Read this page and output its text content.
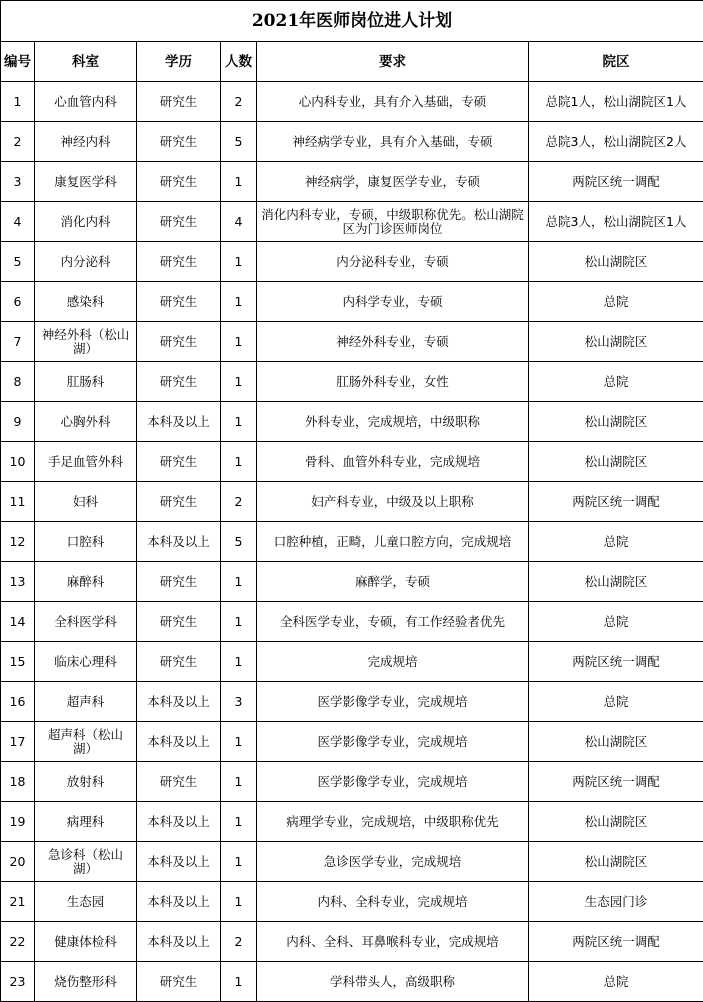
2021年医师岗位进人计划					
编号	科室	学历	人数	要求	院区
1	心血管内科	研究生	2	心内科专业，具有介入基础，专硕	总院1人，松山湖院区1人
2	神经内科	研究生	5	神经病学专业，具有介入基础，专硕	总院3人，松山湖院区2人
3	康复医学科	研究生	1	神经病学，康复医学专业，专硕	两院区统一调配
4	消化内科	研究生	4	消化内科专业，专硕，中级职称优先。松山湖院区为门诊医师岗位	总院3人，松山湖院区1人
5	内分泌科	研究生	1	内分泌科专业，专硕	松山湖院区
6	感染科	研究生	1	内科学专业，专硕	总院
7	神经外科（松山湖）	研究生	1	神经外科专业，专硕	松山湖院区
8	肛肠科	研究生	1	肛肠外科专业，女性	总院
9	心胸外科	本科及以上	1	外科专业，完成规培，中级职称	松山湖院区
10	手足血管外科	研究生	1	骨科、血管外科专业，完成规培	松山湖院区
11	妇科	研究生	2	妇产科专业，中级及以上职称	两院区统一调配
12	口腔科	本科及以上	5	口腔种植，正畸，儿童口腔方向，完成规培	总院
13	麻醉科	研究生	1	麻醉学，专硕	松山湖院区
14	全科医学科	研究生	1	全科医学专业，专硕，有工作经验者优先	总院
15	临床心理科	研究生	1	完成规培	两院区统一调配
16	超声科	本科及以上	3	医学影像学专业，完成规培	总院
17	超声科（松山湖）	本科及以上	1	医学影像学专业，完成规培	松山湖院区
18	放射科	研究生	1	医学影像学专业，完成规培	两院区统一调配
19	病理科	本科及以上	1	病理学专业，完成规培，中级职称优先	松山湖院区
20	急诊科（松山湖）	本科及以上	1	急诊医学专业，完成规培	松山湖院区
21	生态园	本科及以上	1	内科、全科专业，完成规培	生态园门诊
22	健康体检科	本科及以上	2	内科、全科、耳鼻喉科专业，完成规培	两院区统一调配
23	烧伤整形科	研究生	1	学科带头人，高级职称	总院
